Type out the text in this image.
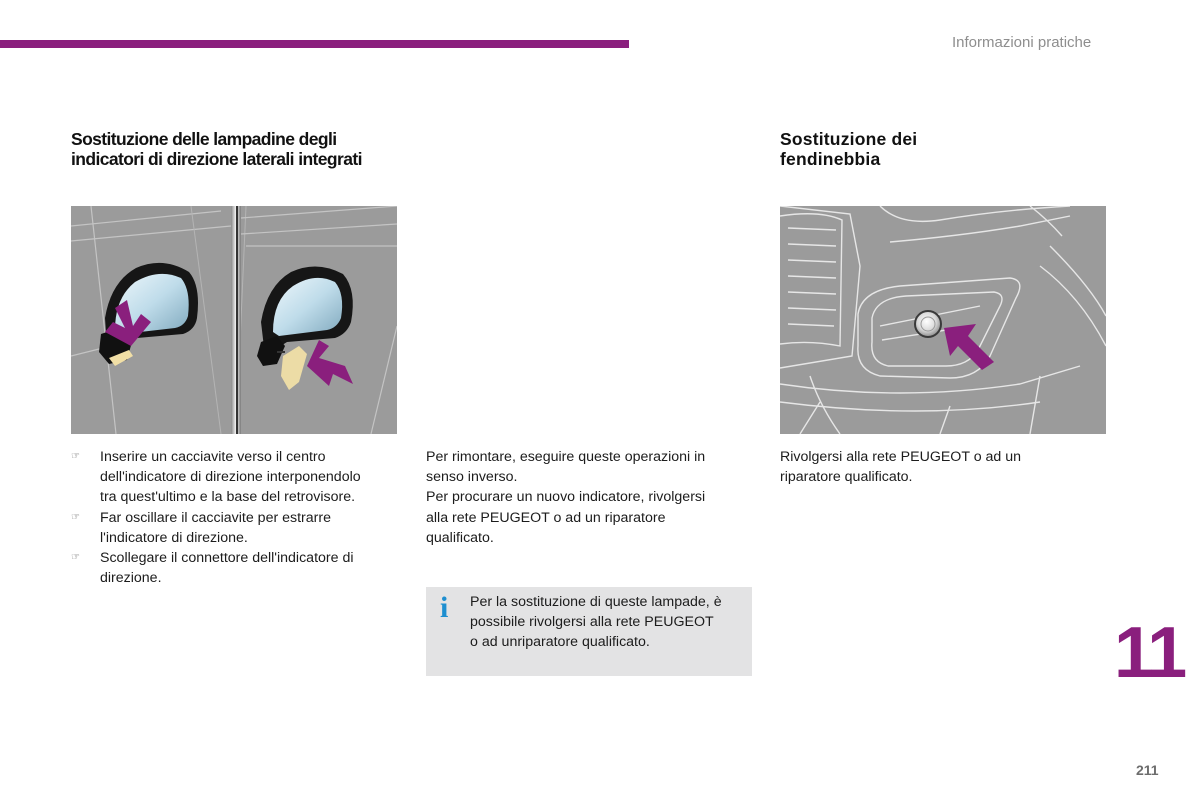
Informazioni pratiche
Sostituzione delle lampadine degli
indicatori di direzione laterali integrati
☞ Inserire un cacciavite verso il centro
dell'indicatore di direzione interponendolo
tra quest'ultimo e la base del retrovisore.
☞ Far oscillare il cacciavite per estrarre
l'indicatore di direzione.
☞ Scollegare il connettore dell'indicatore di
direzione.
Per rimontare, eseguire queste operazioni in
senso inverso.
Per procurare un nuovo indicatore, rivolgersi
alla rete PEUGEOT o ad un riparatore
qualificato.
i Per la sostituzione di queste lampade, è
possibile rivolgersi alla rete PEUGEOT
o ad unriparatore qualificato.
Sostituzione dei
fendinebbia
Rivolgersi alla rete PEUGEOT o ad un
riparatore qualificato.
11
211
